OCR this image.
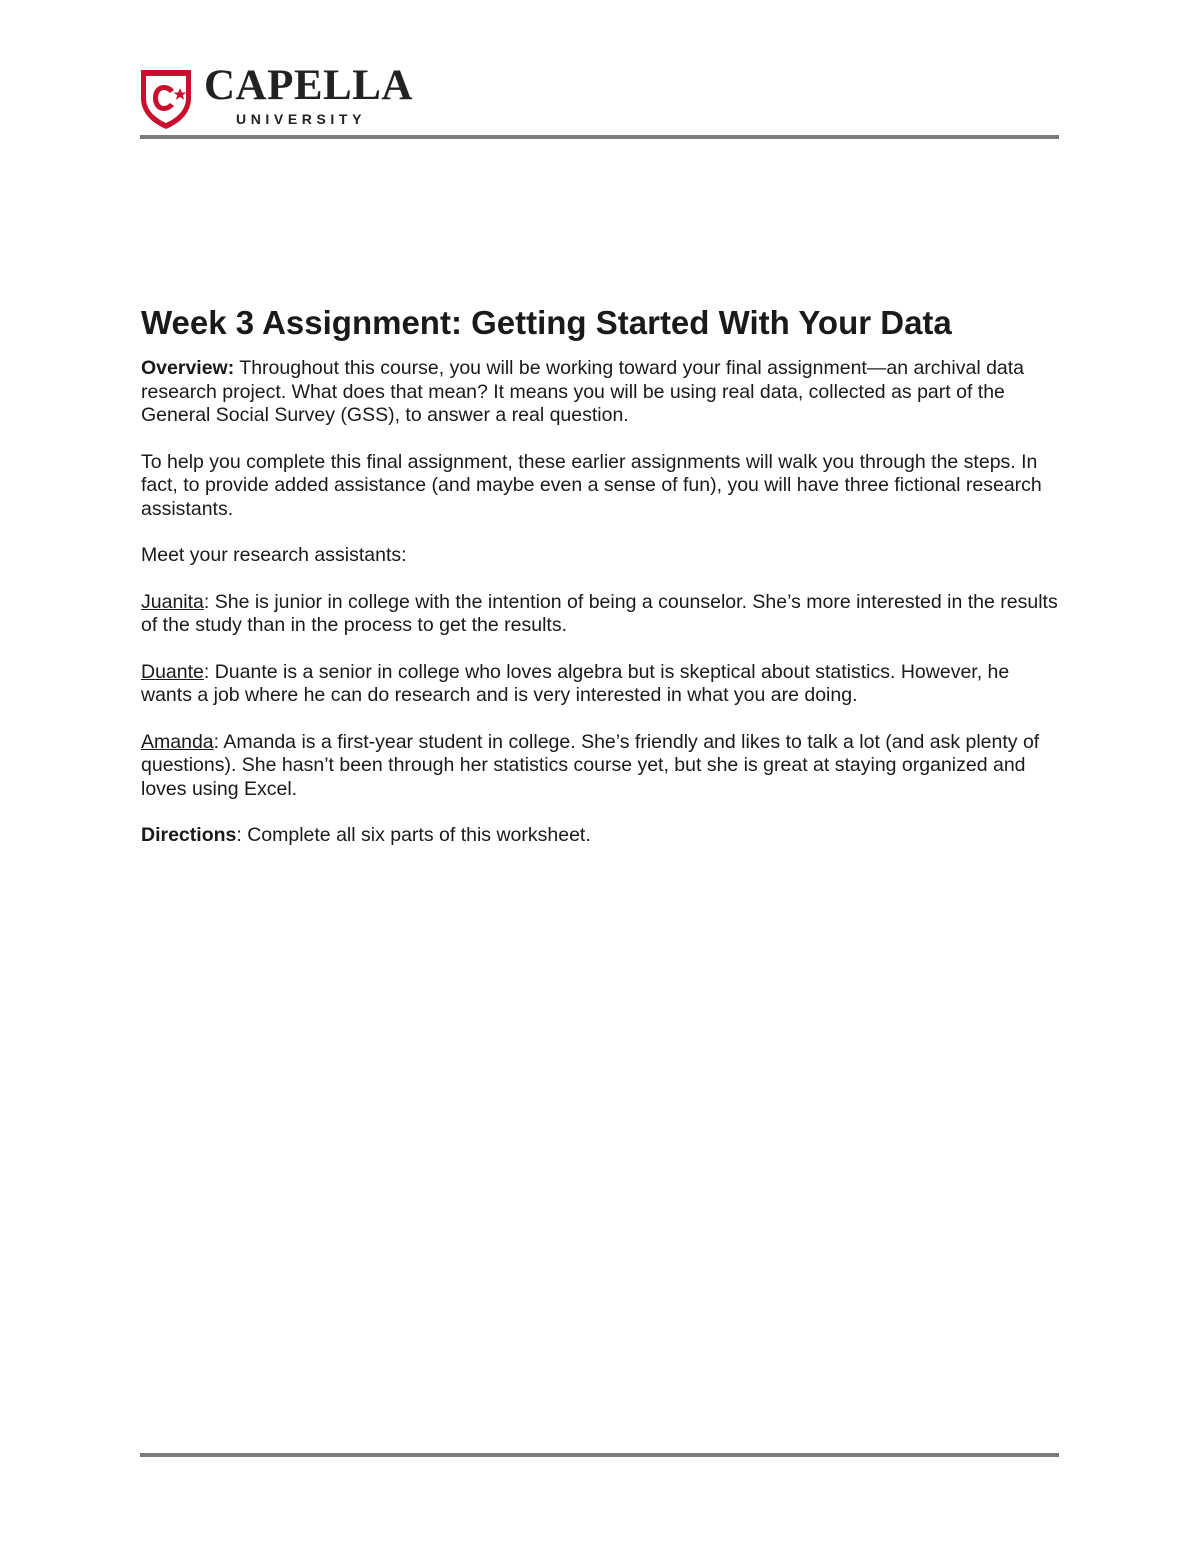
CAPELLA
UNIVERSITY
Week 3 Assignment: Getting Started With Your Data

Overview: Throughout this course, you will be working toward your final assignment—an archival data research project. What does that mean? It means you will be using real data, collected as part of the General Social Survey (GSS), to answer a real question.

To help you complete this final assignment, these earlier assignments will walk you through the steps. In fact, to provide added assistance (and maybe even a sense of fun), you will have three fictional research assistants.

Meet your research assistants:

Juanita: She is junior in college with the intention of being a counselor. She’s more interested in the results of the study than in the process to get the results.

Duante: Duante is a senior in college who loves algebra but is skeptical about statistics. However, he wants a job where he can do research and is very interested in what you are doing.

Amanda: Amanda is a first-year student in college. She’s friendly and likes to talk a lot (and ask plenty of questions). She hasn’t been through her statistics course yet, but she is great at staying organized and loves using Excel.

Directions: Complete all six parts of this worksheet.
